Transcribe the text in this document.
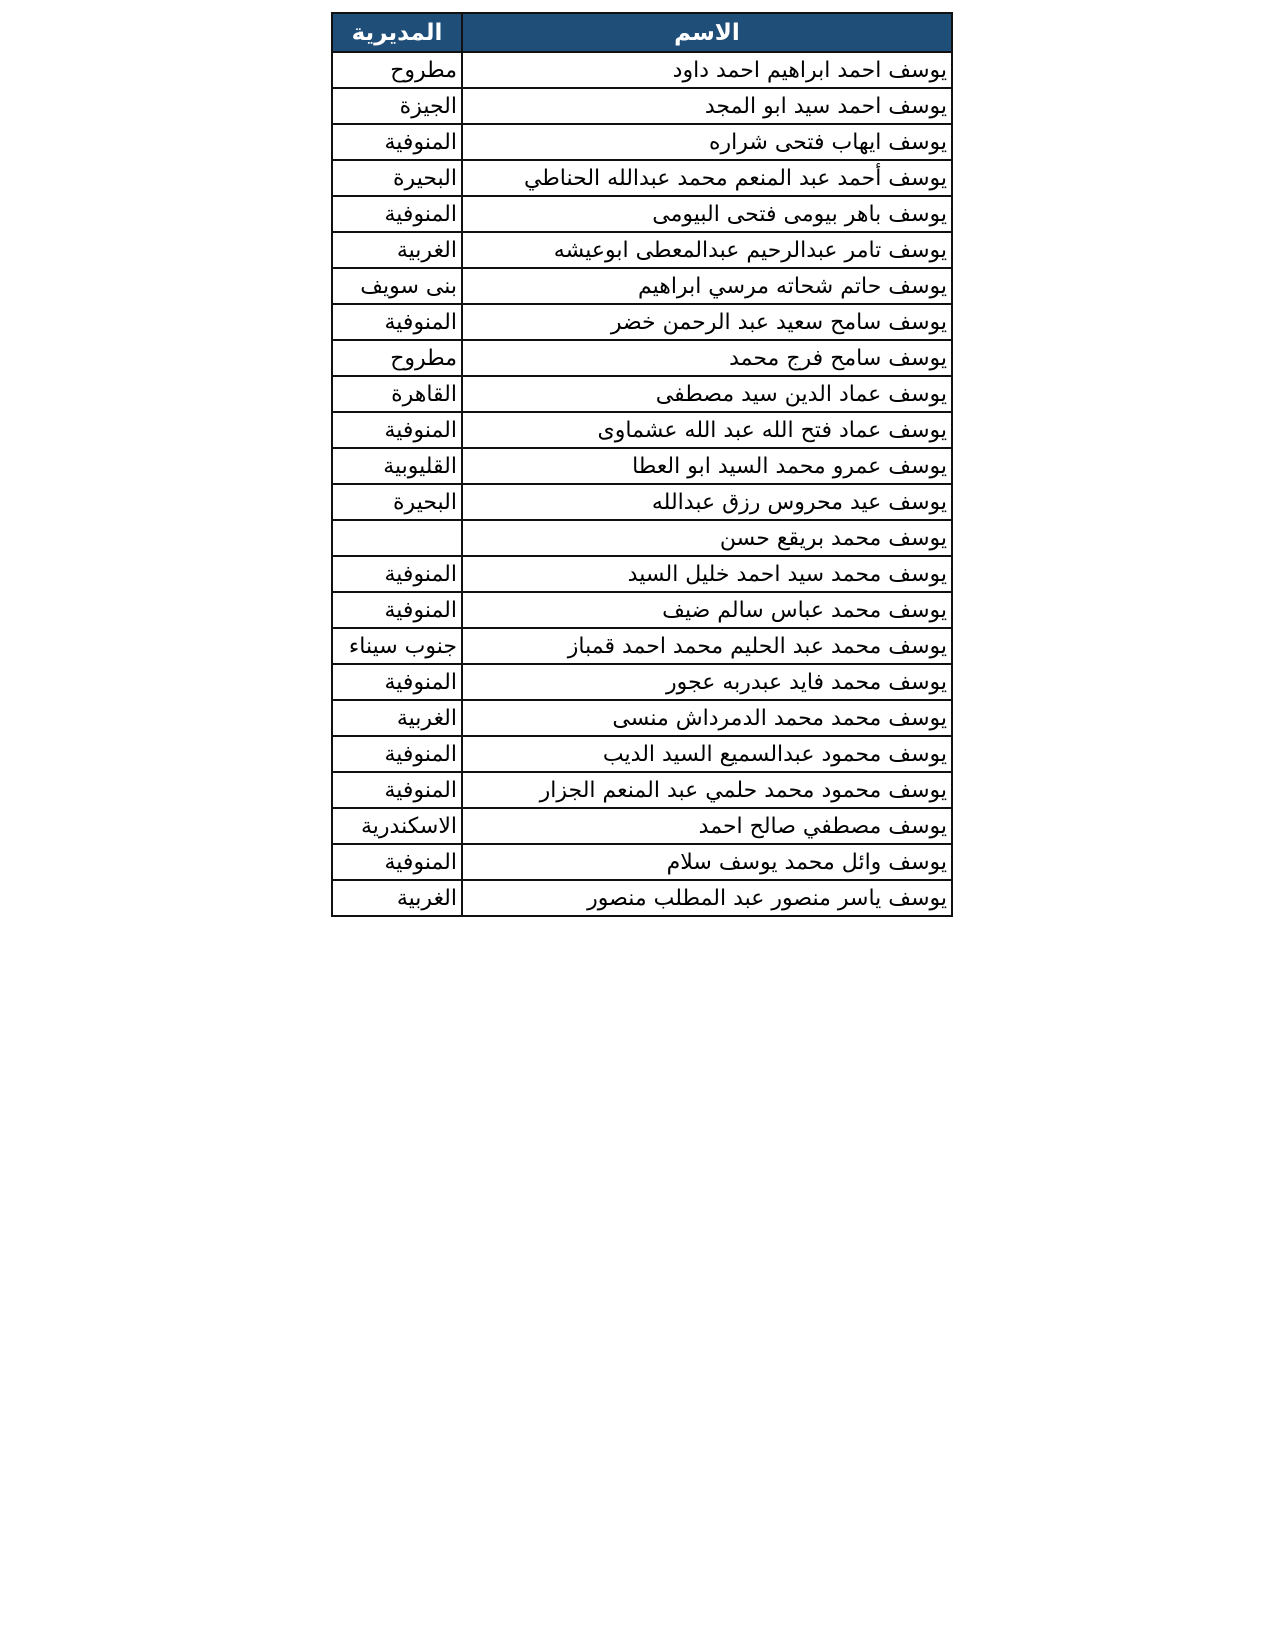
الاسم	المديرية
يوسف احمد ابراهيم احمد داود	مطروح
يوسف احمد سيد ابو المجد	الجيزة
يوسف ايهاب فتحى شراره	المنوفية
يوسف أحمد عبد المنعم محمد عبدالله الحناطي	البحيرة
يوسف باهر بيومى فتحى البيومى	المنوفية
يوسف تامر عبدالرحيم عبدالمعطى ابوعيشه	الغربية
يوسف حاتم شحاته مرسي ابراهيم	بنى سويف
يوسف سامح سعيد عبد الرحمن خضر	المنوفية
يوسف سامح فرج محمد	مطروح
يوسف عماد الدين سيد مصطفى	القاهرة
يوسف عماد فتح الله عبد الله عشماوى	المنوفية
يوسف عمرو محمد السيد ابو العطا	القليوبية
يوسف عيد محروس رزق عبدالله	البحيرة
يوسف محمد بريقع حسن	
يوسف محمد سيد احمد خليل السيد	المنوفية
يوسف محمد عباس سالم ضيف	المنوفية
يوسف محمد عبد الحليم محمد احمد قمباز	جنوب سيناء
يوسف محمد فايد عبدربه عجور	المنوفية
يوسف محمد محمد الدمرداش منسى	الغربية
يوسف محمود عبدالسميع السيد الديب	المنوفية
يوسف محمود محمد حلمي عبد المنعم الجزار	المنوفية
يوسف مصطفي صالح احمد	الاسكندرية
يوسف وائل محمد يوسف سلام	المنوفية
يوسف ياسر منصور عبد المطلب منصور	الغربية
